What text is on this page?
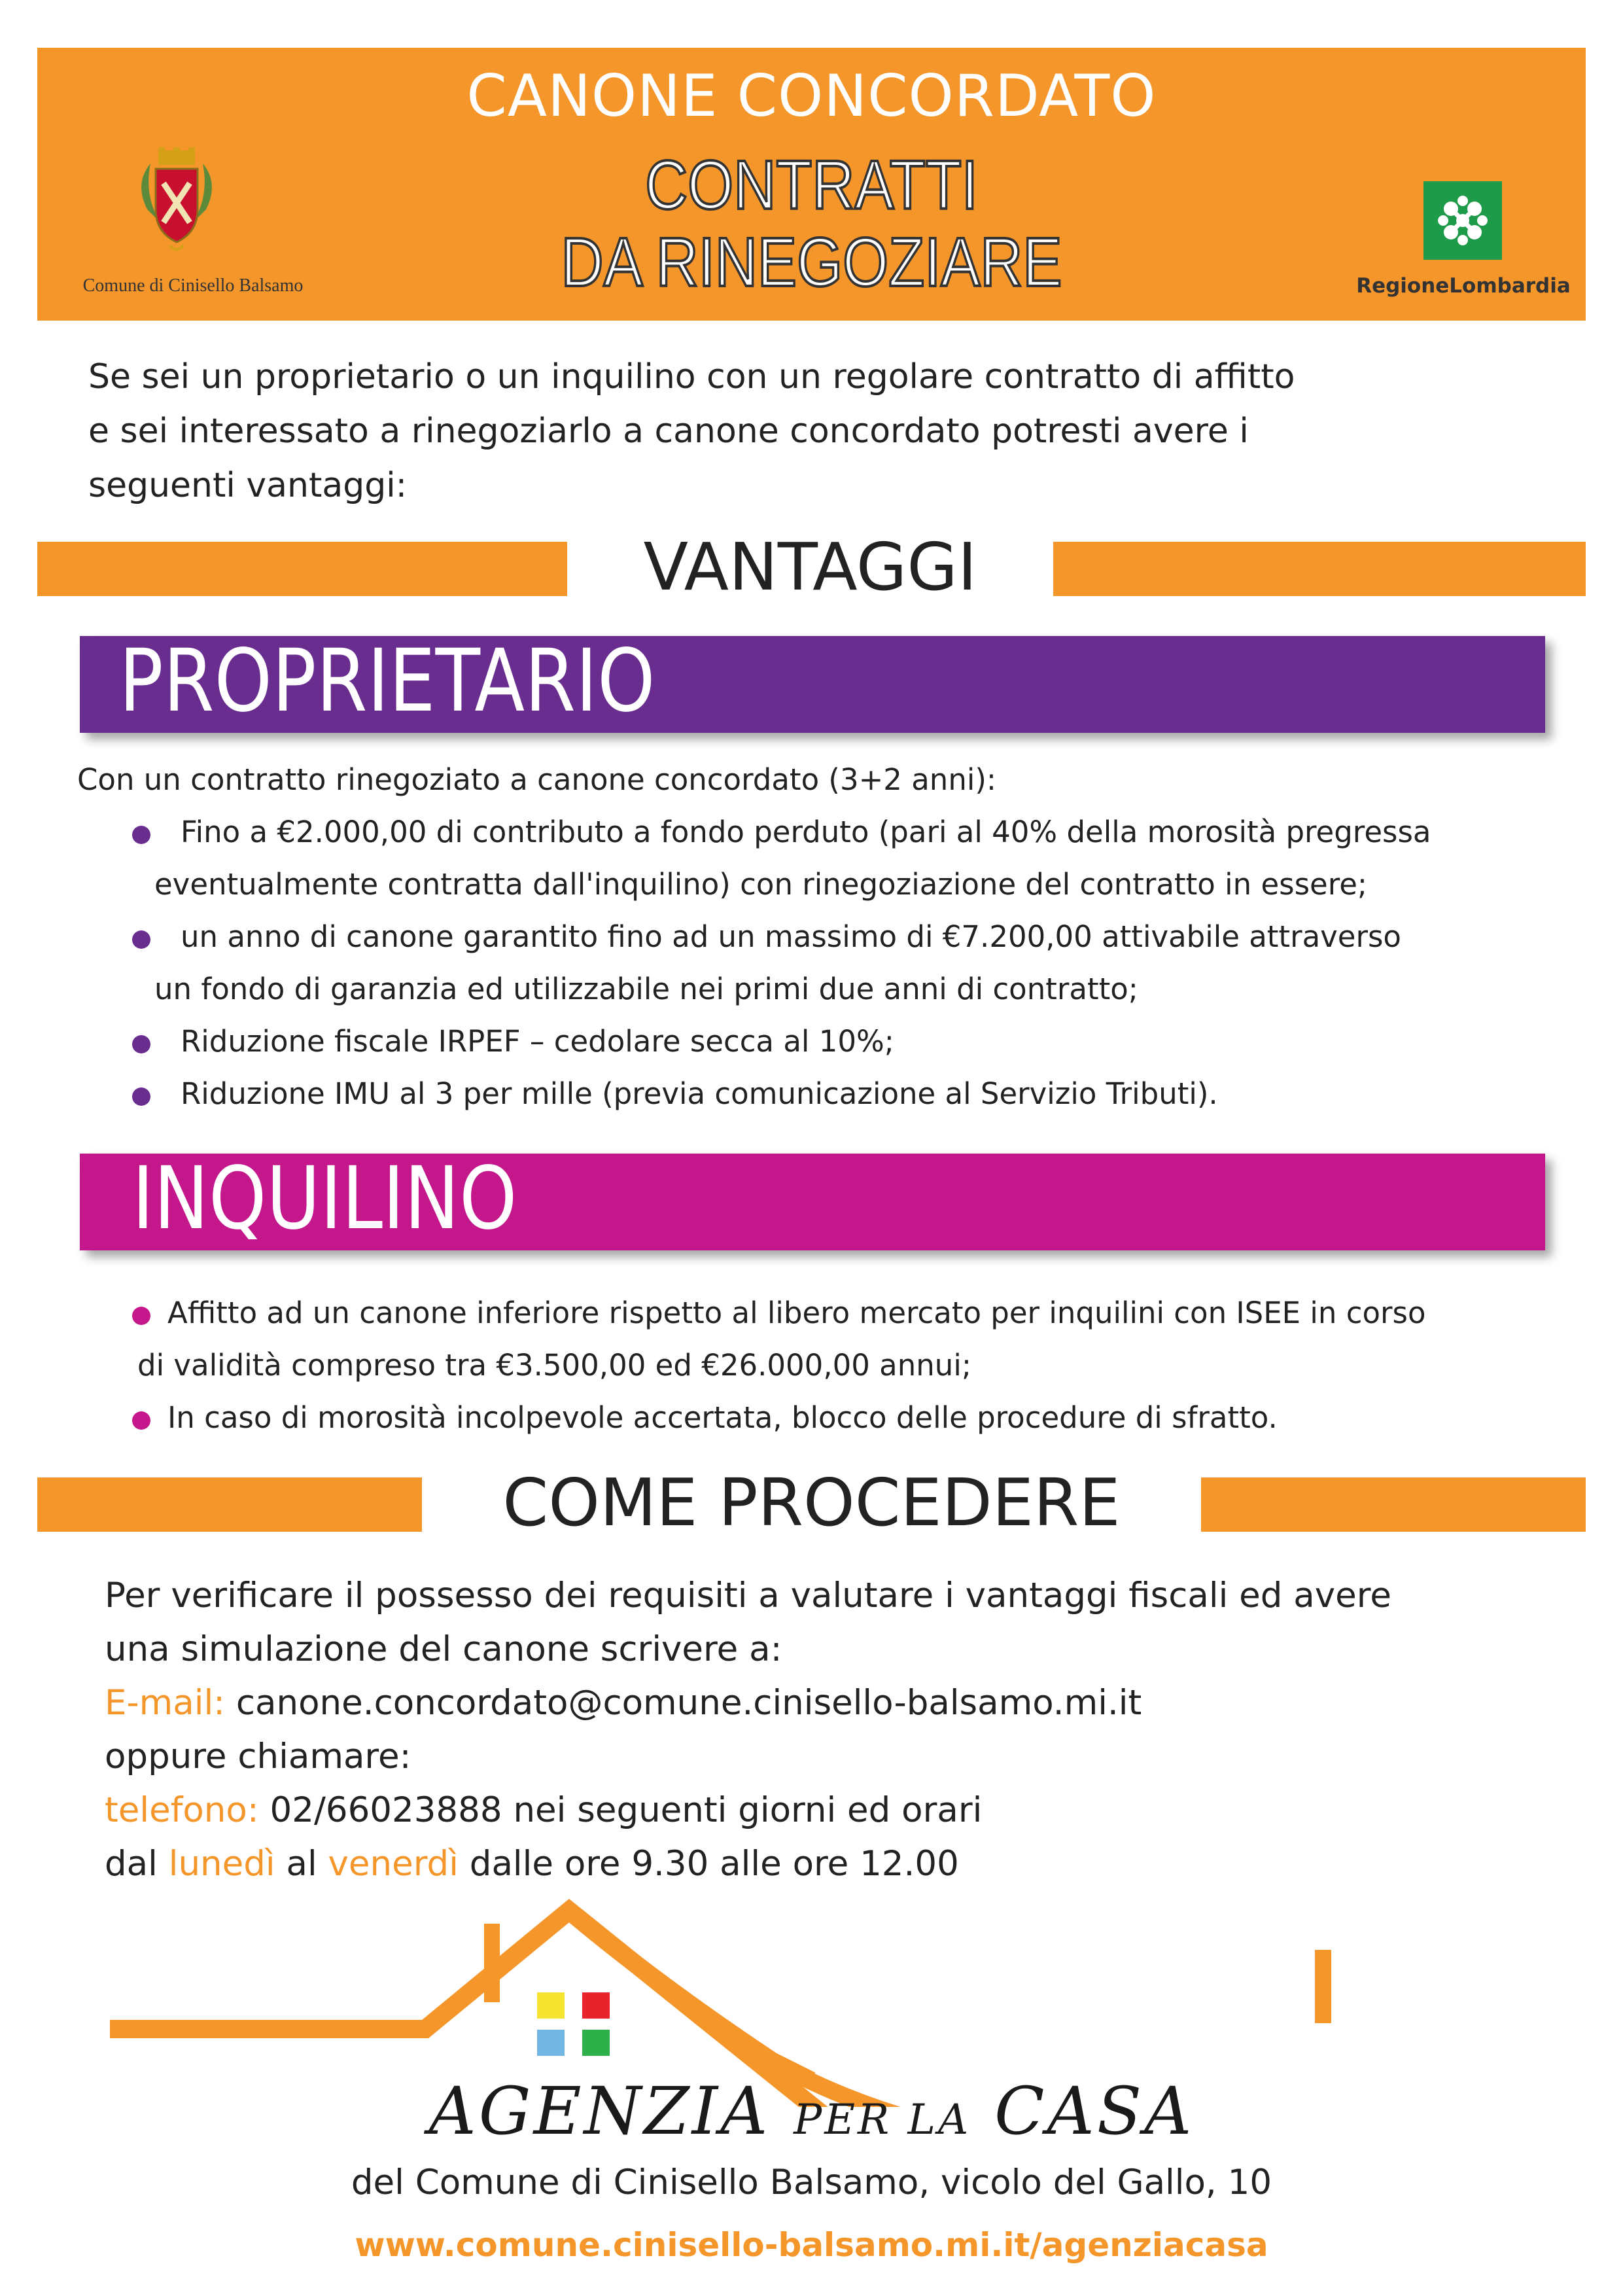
CANONE CONCORDATO
CONTRATTI
DA RINEGOZIARE
Comune di Cinisello Balsamo	RegioneLombardia
Se sei un proprietario o un inquilino con un regolare contratto di affitto
e sei interessato a rinegoziarlo a canone concordato potresti avere i
seguenti vantaggi:
VANTAGGI
PROPRIETARIO
Con un contratto rinegoziato a canone concordato (3+2 anni):
Fino a €2.000,00 di contributo a fondo perduto (pari al 40% della morosità pregressa
eventualmente contratta dall'inquilino) con rinegoziazione del contratto in essere;
un anno di canone garantito fino ad un massimo di €7.200,00 attivabile attraverso
un fondo di garanzia ed utilizzabile nei primi due anni di contratto;
Riduzione fiscale IRPEF – cedolare secca al 10%;
Riduzione IMU al 3 per mille (previa comunicazione al Servizio Tributi).
INQUILINO
Affitto ad un canone inferiore rispetto al libero mercato per inquilini con ISEE in corso
di validità compreso tra €3.500,00 ed €26.000,00 annui;
In caso di morosità incolpevole accertata, blocco delle procedure di sfratto.
COME PROCEDERE
Per verificare il possesso dei requisiti a valutare i vantaggi fiscali ed avere
una simulazione del canone scrivere a:
E-mail: canone.concordato@comune.cinisello-balsamo.mi.it
oppure chiamare:
telefono: 02/66023888 nei seguenti giorni ed orari
dal lunedì al venerdì dalle ore 9.30 alle ore 12.00
AGENZIA PER LA CASA
del Comune di Cinisello Balsamo, vicolo del Gallo, 10
www.comune.cinisello-balsamo.mi.it/agenziacasa
